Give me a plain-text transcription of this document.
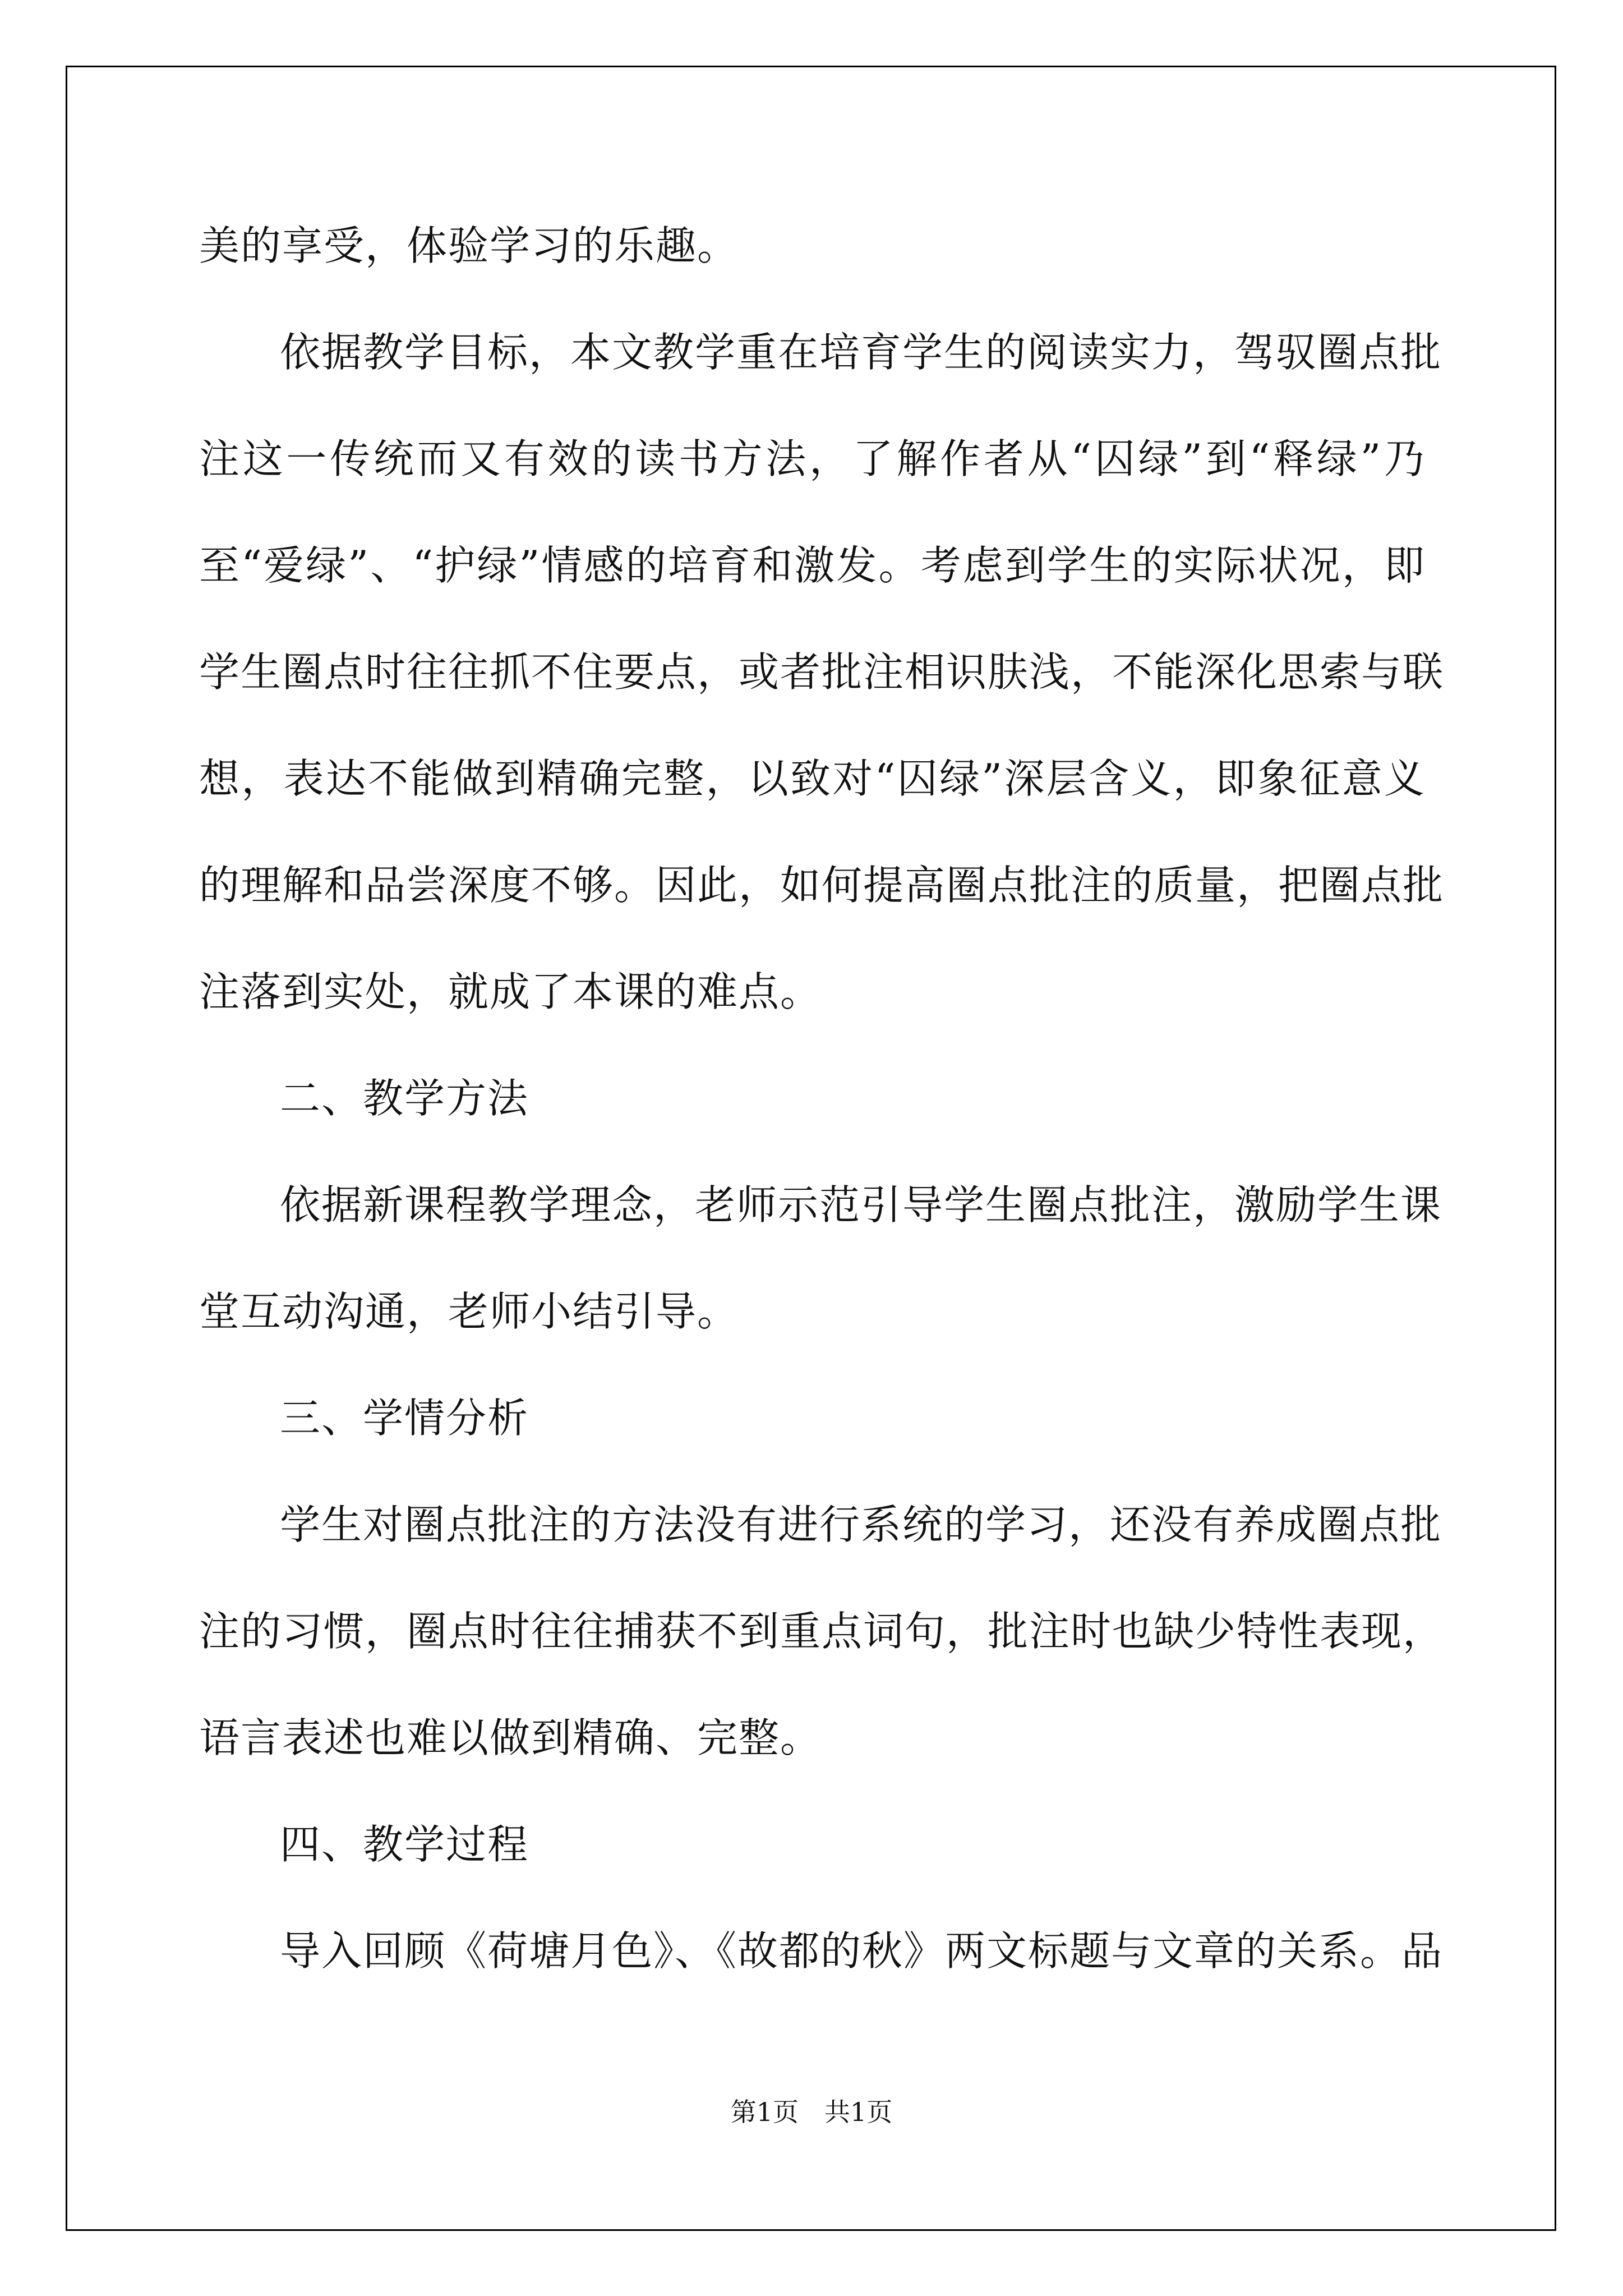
美的享受，体验学习的乐趣。
依据教学目标，本文教学重在培育学生的阅读实力，驾驭圈点批
注这一传统而又有效的读书方法，了解作者从“囚绿”到“释绿”乃
至“爱绿”、“护绿”情感的培育和激发。考虑到学生的实际状况，即
学生圈点时往往抓不住要点，或者批注相识肤浅，不能深化思索与联
想，表达不能做到精确完整，以致对“囚绿”深层含义，即象征意义
的理解和品尝深度不够。因此，如何提高圈点批注的质量，把圈点批
注落到实处，就成了本课的难点。
二、教学方法
依据新课程教学理念，老师示范引导学生圈点批注，激励学生课
堂互动沟通，老师小结引导。
三、学情分析
学生对圈点批注的方法没有进行系统的学习，还没有养成圈点批
注的习惯，圈点时往往捕获不到重点词句，批注时也缺少特性表现，
语言表述也难以做到精确、完整。
四、教学过程
导入回顾《荷塘月色》、《故都的秋》两文标题与文章的关系。品
第1页　共1页
